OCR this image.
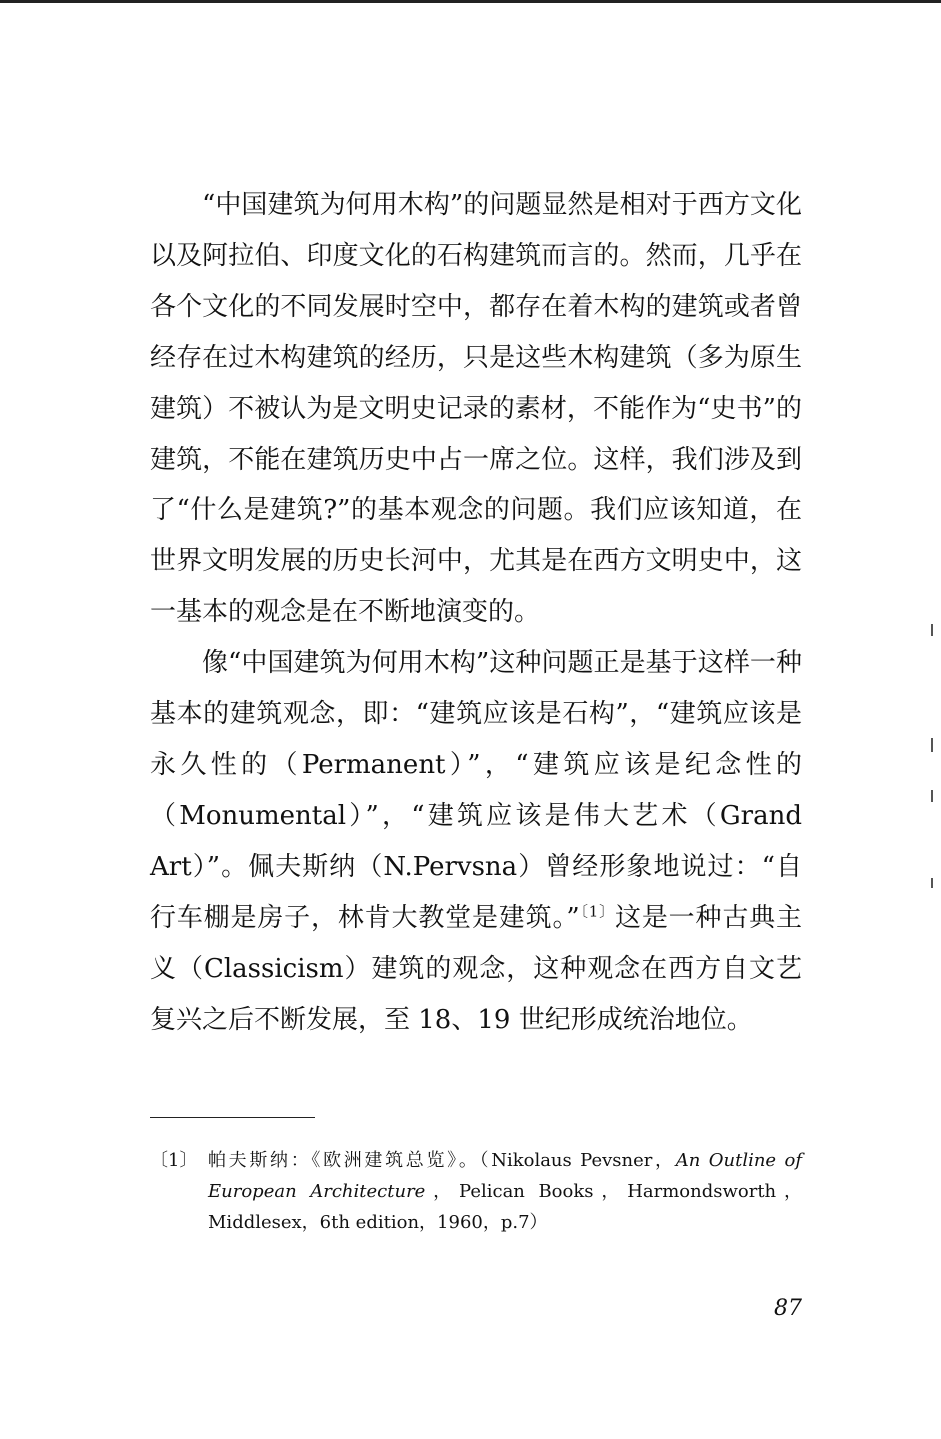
“中国建筑为何用木构”的问题显然是相对于西方文化以及阿拉伯、印度文化的石构建筑而言的。然而，几乎在各个文化的不同发展时空中，都存在着木构的建筑或者曾经存在过木构建筑的经历，只是这些木构建筑（多为原生建筑）不被认为是文明史记录的素材，不能作为“史书”的建筑，不能在建筑历史中占一席之位。这样，我们涉及到了“什么是建筑?”的基本观念的问题。我们应该知道，在世界文明发展的历史长河中，尤其是在西方文明史中，这一基本的观念是在不断地演变的。

像“中国建筑为何用木构”这种问题正是基于这样一种基本的建筑观念，即：“建筑应该是石构”，“建筑应该是永久性的（Permanent）”，“建筑应该是纪念性的（Monumental）”，“建筑应该是伟大艺术（Grand Art）”。佩夫斯纳（N.Pervsna）曾经形象地说过：“自行车棚是房子，林肯大教堂是建筑。”$^{〔1〕}$这是一种古典主义（Classicism）建筑的观念，这种观念在西方自文艺复兴之后不断发展，至 18、19 世纪形成统治地位。

〔1〕 帕夫斯纳：《欧洲建筑总览》。（Nikolaus Pevsner，An Outline of European Architecture，Pelican Books，Harmondsworth，Middlesex，6th edition，1960，p.7）
87
